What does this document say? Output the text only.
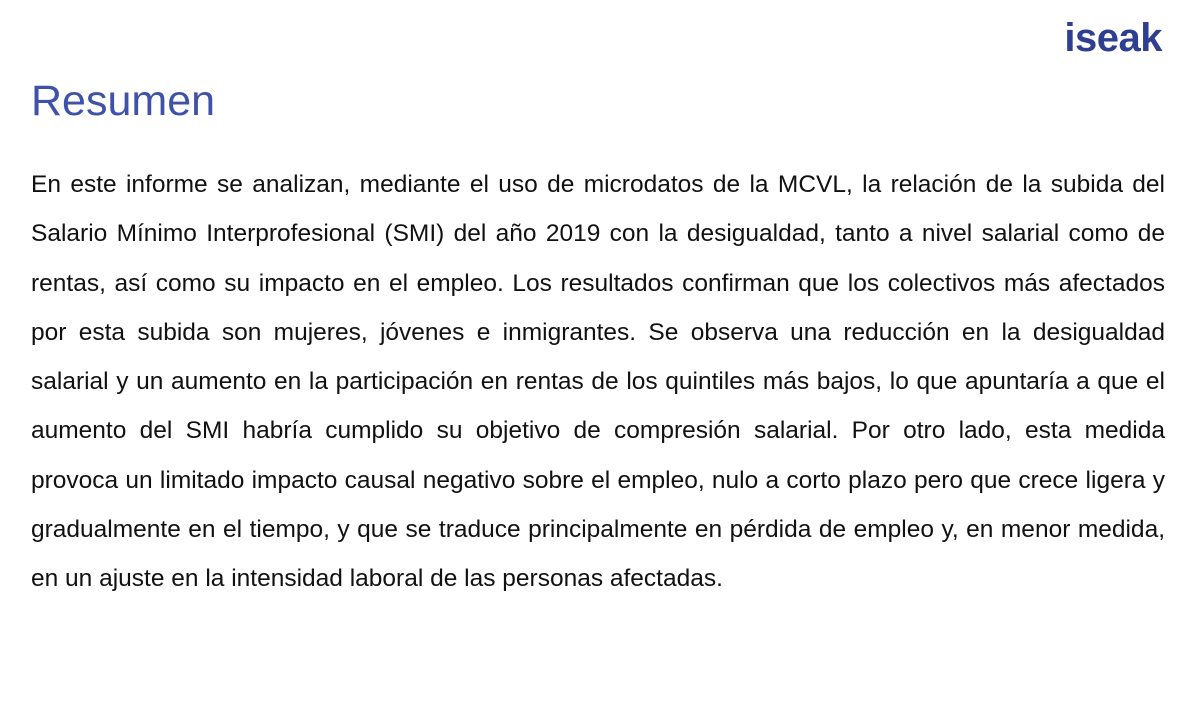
iseak
Resumen

En este informe se analizan, mediante el uso de microdatos de la MCVL, la relación de la subida del Salario Mínimo Interprofesional (SMI) del año 2019 con la desigualdad, tanto a nivel salarial como de rentas, así como su impacto en el empleo. Los resultados confirman que los colectivos más afectados por esta subida son mujeres, jóvenes e inmigrantes. Se observa una reducción en la desigualdad salarial y un aumento en la participación en rentas de los quintiles más bajos, lo que apuntaría a que el aumento del SMI habría cumplido su objetivo de compresión salarial. Por otro lado, esta medida provoca un limitado impacto causal negativo sobre el empleo, nulo a corto plazo pero que crece ligera y gradualmente en el tiempo, y que se traduce principalmente en pérdida de empleo y, en menor medida, en un ajuste en la intensidad laboral de las personas afectadas.
